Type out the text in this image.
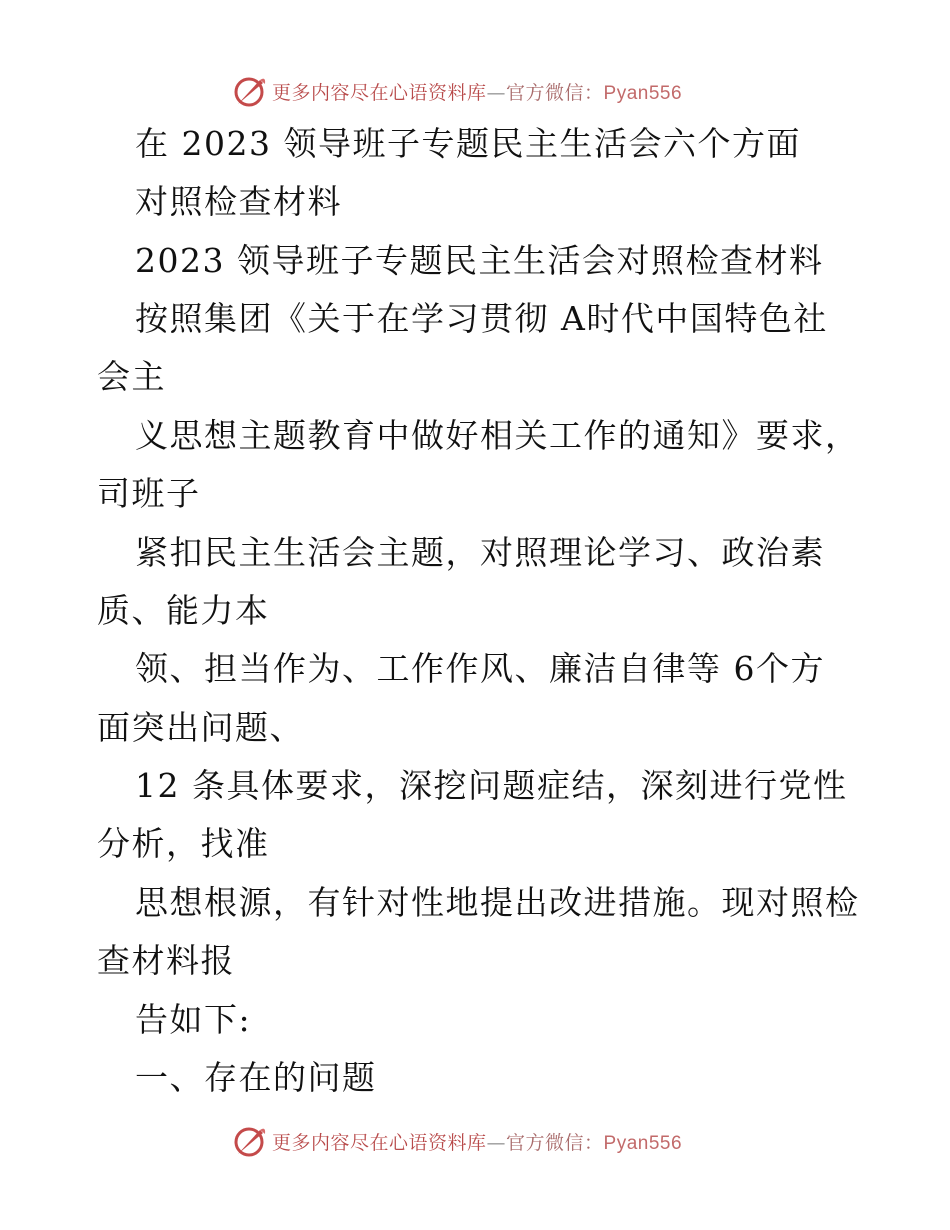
更多内容尽在心语资料库—官方微信：Pyan556
在 2023 领导班子专题民主生活会六个方面
对照检查材料
2023 领导班子专题民主生活会对照检查材料
按照集团《关于在学习贯彻 A时代中国特色社
会主
义思想主题教育中做好相关工作的通知》要求，
司班子
紧扣民主生活会主题，对照理论学习、政治素
质、能力本
领、担当作为、工作作风、廉洁自律等 6个方
面突出问题、
12 条具体要求，深挖问题症结，深刻进行党性
分析，找准
思想根源，有针对性地提出改进措施。现对照检
查材料报
告如下:
一、存在的问题
更多内容尽在心语资料库—官方微信：Pyan556
